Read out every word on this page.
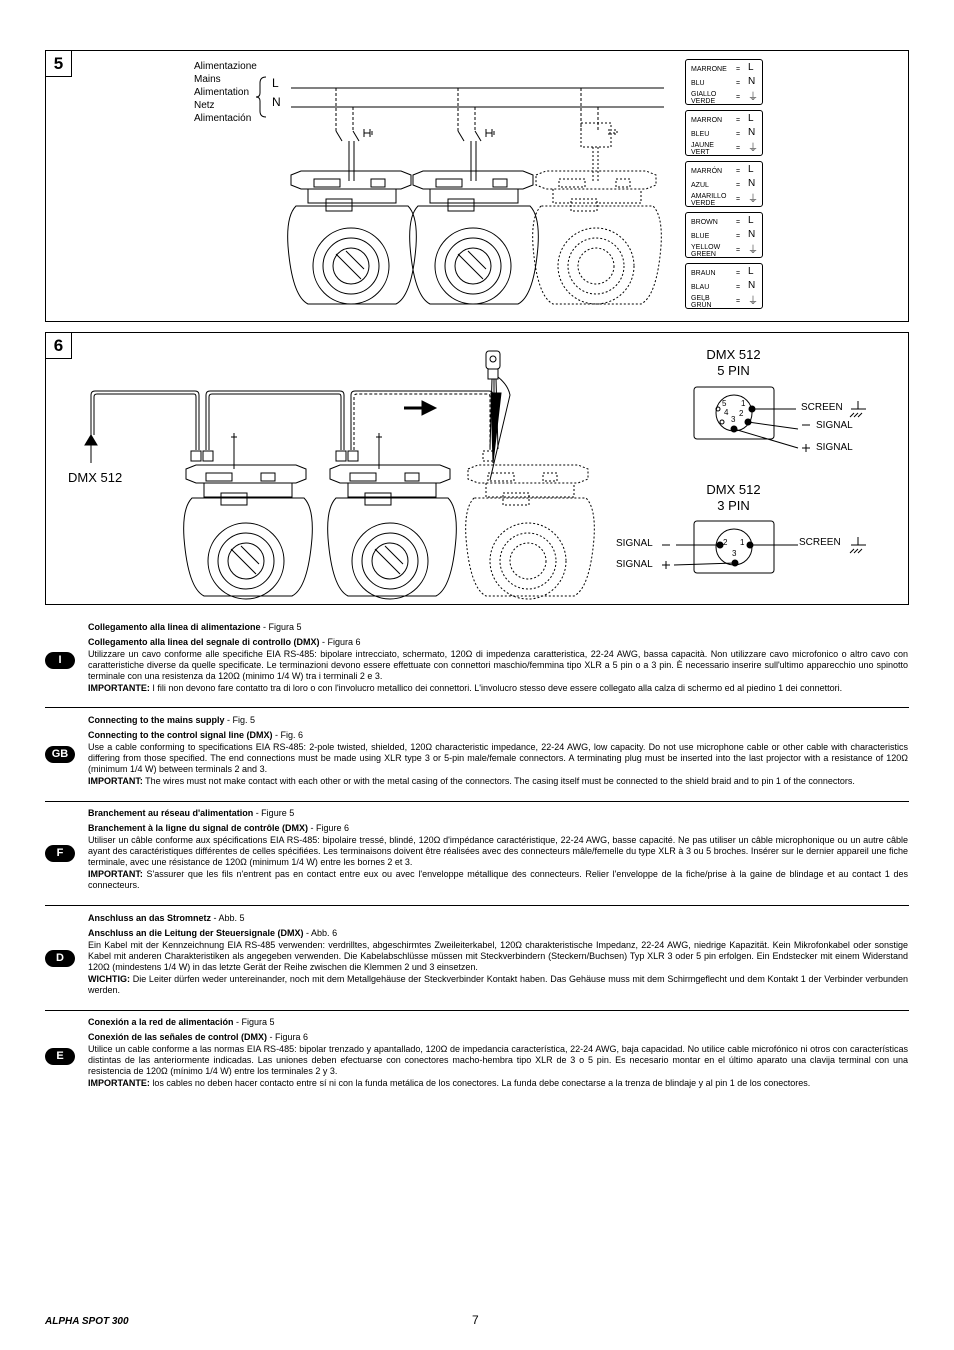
5	Alimentazione
Mains
Alimentation
Netz
Alimentación
L
N
MARRONE
BLU
GIALLO
VERDE
=
=
=
L
N
⏚
MARRON
BLEU
JAUNE
VERT
=
=
=
L
N
⏚
MARRÓN
AZUL
AMARILLO
VERDE
=
=
=
L
N
⏚
BROWN
BLUE
YELLOW
GREEN
=
=
=
L
N
⏚
BRAUN
BLAU
GELB
GRÜN
=
=
=
L
N
⏚
6
DMX 512
DMX 512
5 PIN
DMX 512
3 PIN
5 1
4 2
3
2 1
3
SCREEN
SIGNAL
SIGNAL
SCREEN
SIGNAL
SIGNAL
I

Collegamento alla linea di alimentazione - Figura 5

Collegamento alla linea del segnale di controllo (DMX) - Figura 6

Utilizzare un cavo conforme alle specifiche EIA RS-485: bipolare intrecciato, schermato, 120Ω di impedenza caratteristica, 22-24 AWG, bassa capacità. Non utilizzare cavo microfonico o altro cavo con caratteristiche diverse da quelle specificate. Le terminazioni devono essere effettuate con connettori maschio/femmina tipo XLR a 5 pin o a 3 pin. È necessario inserire sull'ultimo apparecchio uno spinotto terminale con una resistenza da 120Ω (minimo 1/4 W) tra i terminali 2 e 3.

IMPORTANTE: I fili non devono fare contatto tra di loro o con l'involucro metallico dei connettori. L'involucro stesso deve essere collegato alla calza di schermo ed al piedino 1 dei connettori.

GB

Connecting to the mains supply - Fig. 5

Connecting to the control signal line (DMX) - Fig. 6

Use a cable conforming to specifications EIA RS-485: 2-pole twisted, shielded, 120Ω characteristic impedance, 22-24 AWG, low capacity. Do not use microphone cable or other cable with characteristics differing from those specified. The end connections must be made using XLR type 3 or 5-pin male/female connectors. A terminating plug must be inserted into the last projector with a resistance of 120Ω (minimum 1/4 W) between terminals 2 and 3.

IMPORTANT: The wires must not make contact with each other or with the metal casing of the connectors. The casing itself must be connected to the shield braid and to pin 1 of the connectors.

F

Branchement au réseau d'alimentation - Figure 5

Branchement à la ligne du signal de contrôle (DMX) - Figure 6

Utiliser un câble conforme aux spécifications EIA RS-485: bipolaire tressé, blindé, 120Ω d'impédance caractéristique, 22-24 AWG, basse capacité. Ne pas utiliser un câble microphonique ou un autre câble ayant des caractéristiques différentes de celles spécifiées. Les terminaisons doivent être réalisées avec des connecteurs mâle/femelle du type XLR à 3 ou 5 broches. Insérer sur le dernier appareil une fiche terminale, avec une résistance de 120Ω (minimum 1/4 W) entre les bornes 2 et 3.

IMPORTANT: S'assurer que les fils n'entrent pas en contact entre eux ou avec l'enveloppe métallique des connecteurs. Relier l'enveloppe de la fiche/prise à la gaine de blindage et au contact 1 des connecteurs.

D

Anschluss an das Stromnetz - Abb. 5

Anschluss an die Leitung der Steuersignale (DMX) - Abb. 6

Ein Kabel mit der Kennzeichnung EIA RS-485 verwenden: verdrilltes, abgeschirmtes Zweileiterkabel, 120Ω charakteristische Impedanz, 22-24 AWG, niedrige Kapazität. Kein Mikrofonkabel oder sonstige Kabel mit anderen Charakteristiken als angegeben verwenden. Die Kabelabschlüsse müssen mit Steckverbindern (Steckern/Buchsen) Typ XLR 3 oder 5 pin erfolgen. Ein Endstecker mit einem Widerstand 120Ω (mindestens 1/4 W) in das letzte Gerät der Reihe zwischen die Klemmen 2 und 3 einsetzen.

WICHTIG: Die Leiter dürfen weder untereinander, noch mit dem Metallgehäuse der Steckverbinder Kontakt haben. Das Gehäuse muss mit dem Schirmgeflecht und dem Kontakt 1 der Verbinder verbunden werden.

E

Conexión a la red de alimentación - Figura 5

Conexión de las señales de control (DMX) - Figura 6

Utilice un cable conforme a las normas EIA RS-485: bipolar trenzado y apantallado, 120Ω de impedancia característica, 22-24 AWG, baja capacidad. No utilice cable microfónico ni otros con características distintas de las anteriormente indicadas. Las uniones deben efectuarse con conectores macho-hembra tipo XLR de 3 o 5 pin. Es necesario montar en el último aparato una clavija terminal con una resistencia de 120Ω (mínimo 1/4 W) entre los terminales 2 y 3.

IMPORTANTE: los cables no deben hacer contacto entre sí ni con la funda metálica de los conectores. La funda debe conectarse a la trenza de blindaje y al pin 1 de los conectores.

ALPHA SPOT 300	7
